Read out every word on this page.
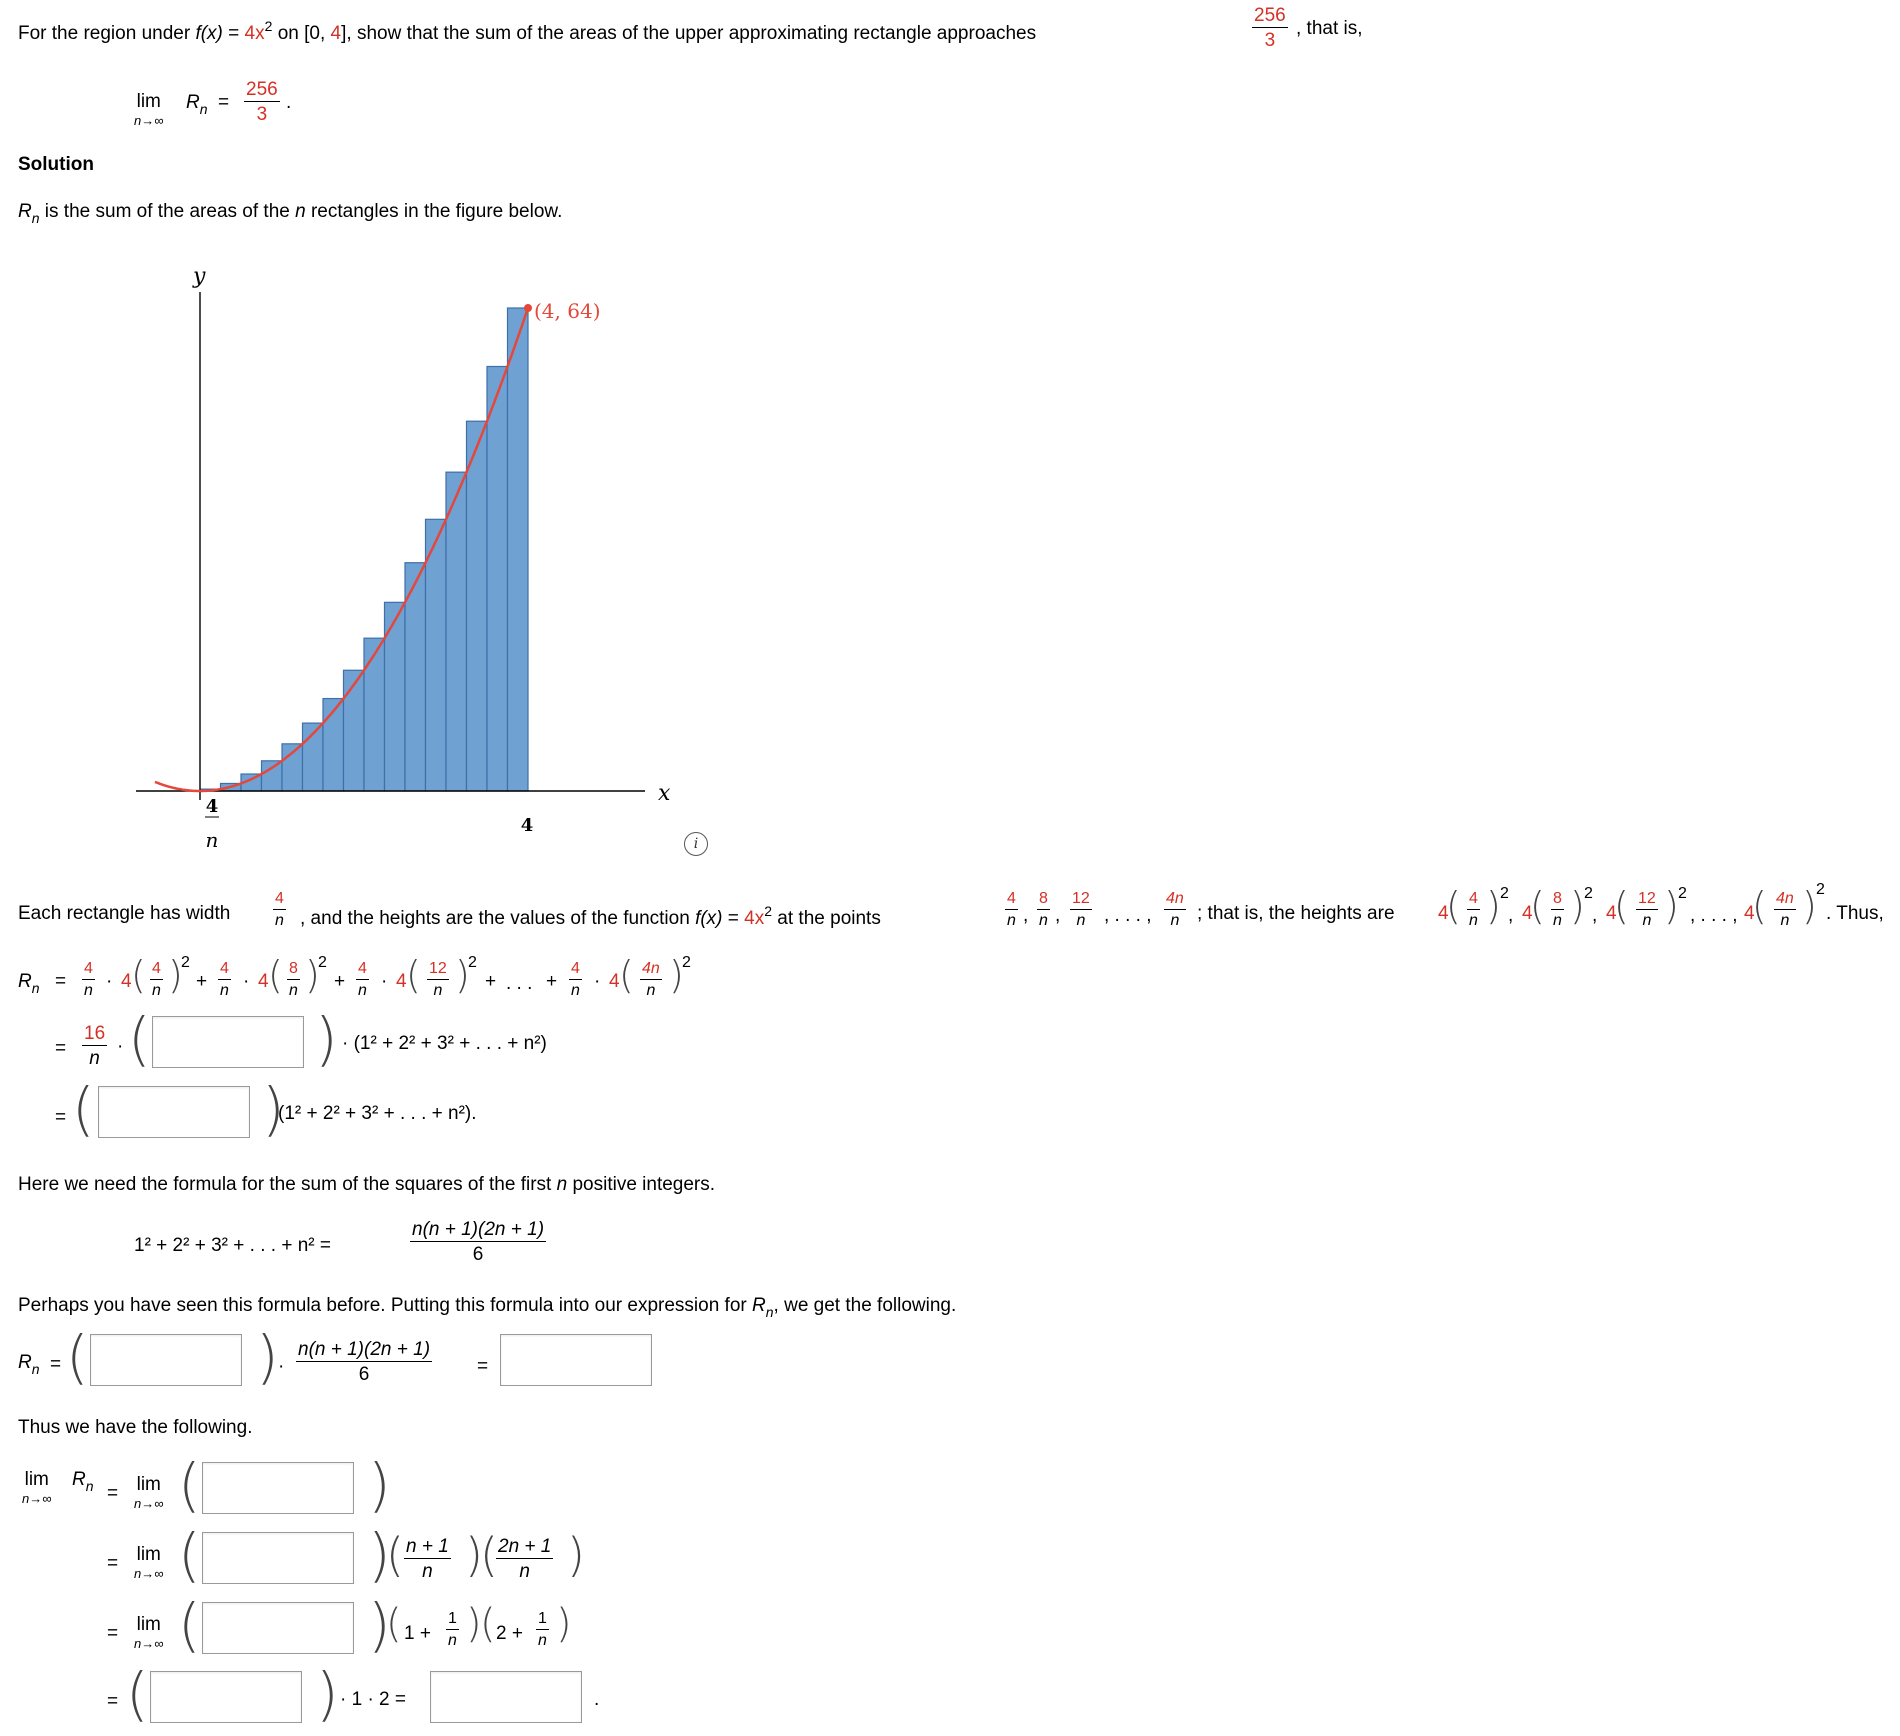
For the region under $f(x) = 4x^2$ on [0, 4], show that the sum of the areas of the upper approximating rectangle approaches	$\frac{256}{3}$ , that is,
lim
n→∞
$R_n = \frac{256}{3}$ .
Solution
$R_n$ is the sum of the areas of the n rectangles in the figure below.
y
x
(4, 64)
4
n
4
i
Each rectangle has width	$\frac{4}{n}$ , and the heights are the values of the function $f(x) = 4x^2$ at the points	$\frac{4}{n}$ , $\frac{8}{n}$ , $\frac{12}{n}$ , . . . , $\frac{4n}{n}$ ; that is, the heights are 4
( $\frac{4}{n}$ ) 2
, 4
( $\frac{8}{n}$ ) 2
, 4
( $\frac{12}{n}$ ) 2
, . . . , 4
( $\frac{4n}{n}$ ) 2
. Thus,
$R_n = \frac{4}{n} \cdot 4$ ( $\frac{4}{n}$ )
2
+ $\frac{4}{n} \cdot 4$ ( $\frac{8}{n}$ )
2
+ $\frac{4}{n} \cdot 4$ ( $\frac{12}{n}$ )
2
+ . . . + $\frac{4}{n} \cdot 4$ ( $\frac{4n}{n}$ )
2
= $\frac{16}{n}$ · (	) · (1² + 2² + 3² + . . . + n²)
= (	)
(1² + 2² + 3² + . . . + n²).
Here we need the formula for the sum of the squares of the first n positive integers.
1² + 2² + 3² + . . . + n² =	$\frac{n(n + 1)(2n + 1)}{6}$
Perhaps you have seen this formula before. Putting this formula into our expression for $R_n$, we get the following.
$R_n$ = (	) · $\frac{n(n + 1)(2n + 1)}{6}$ =
Thus we have the following.
lim
n→∞
$R_n = \lim$
n→∞ (	)
= lim
n→∞ (	)
( $\frac{n + 1}{n}$ )
(
$\frac{2n + 1}{n}$ )
= lim
n→∞ (	)
( $1 + \frac{1}{n}$ )
( $2 + \frac{1}{n}$ )
= (	) · 1 · 2 =	.
